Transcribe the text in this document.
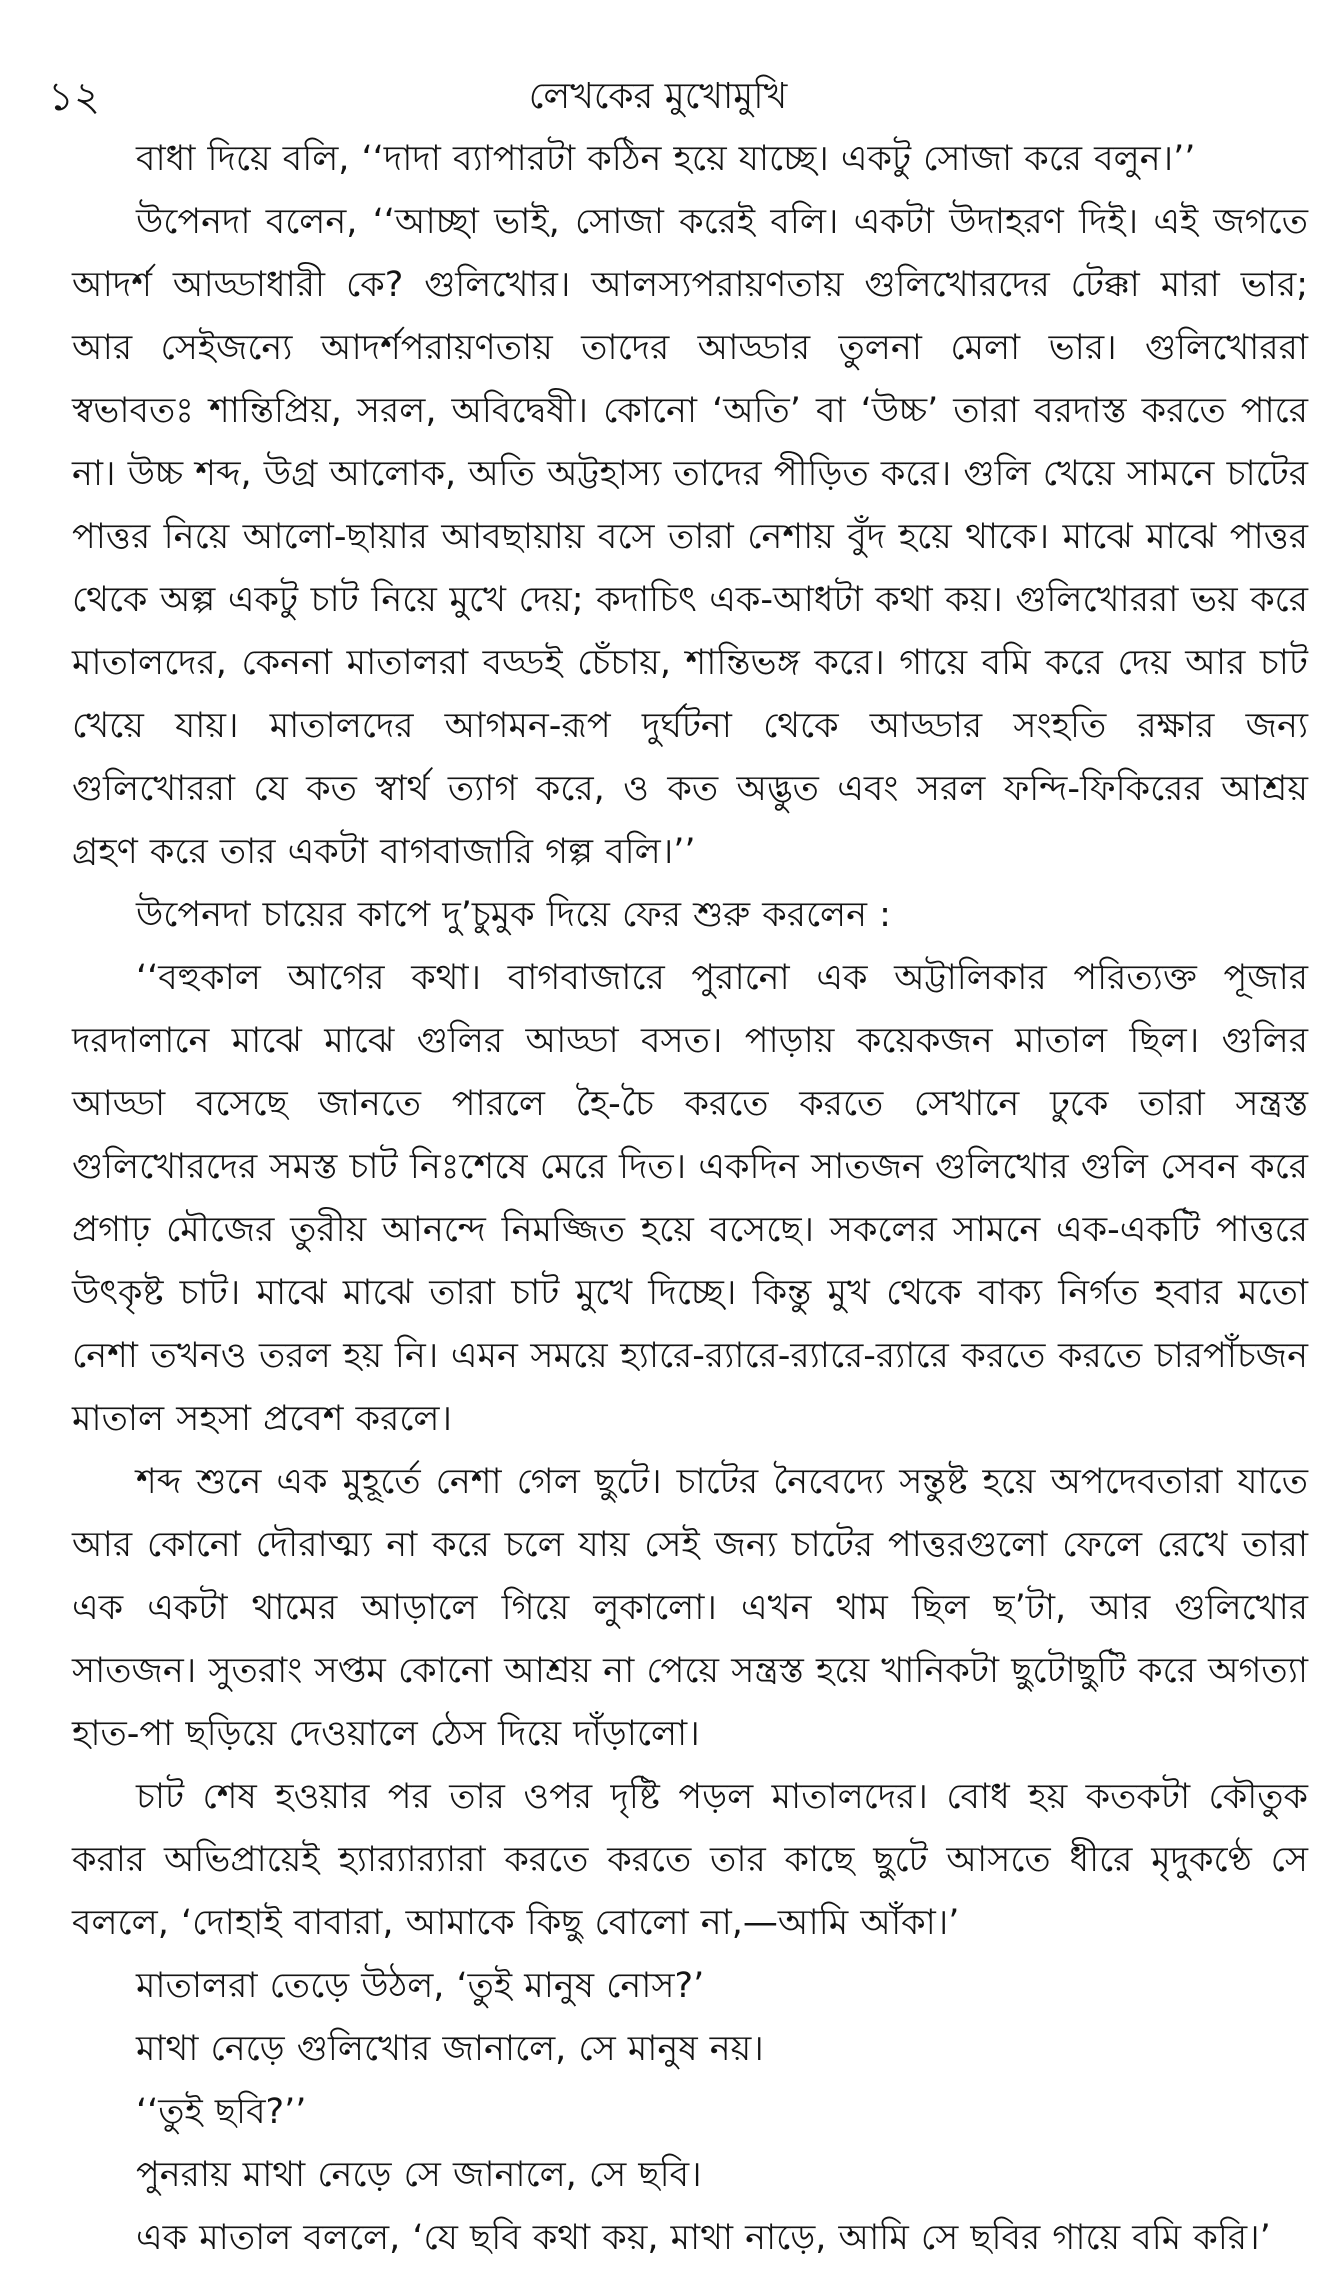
১২	লেখকের মুখোমুখি

বাধা দিয়ে বলি, ‘‘দাদা ব্যাপারটা কঠিন হয়ে যাচ্ছে। একটু সোজা করে বলুন।’’

উপেনদা বলেন, ‘‘আচ্ছা ভাই, সোজা করেই বলি। একটা উদাহরণ দিই। এই জগতে আদর্শ আড্ডাধারী কে? গুলিখোর। আলস্যপরায়ণতায় গুলিখোরদের টেক্কা মারা ভার; আর সেইজন্যে আদর্শপরায়ণতায় তাদের আড্ডার তুলনা মেলা ভার। গুলিখোররা স্বভাবতঃ শান্তিপ্রিয়, সরল, অবিদ্বেষী। কোনো ‘অতি’ বা ‘উচ্চ’ তারা বরদাস্ত করতে পারে না। উচ্চ শব্দ, উগ্র আলোক, অতি অট্টহাস্য তাদের পীড়িত করে। গুলি খেয়ে সামনে চাটের পাত্তর নিয়ে আলো-ছায়ার আবছায়ায় বসে তারা নেশায় বুঁদ হয়ে থাকে। মাঝে মাঝে পাত্তর থেকে অল্প একটু চাট নিয়ে মুখে দেয়; কদাচিৎ এক-আধটা কথা কয়। গুলিখোররা ভয় করে মাতালদের, কেননা মাতালরা বড্ডই চেঁচায়, শান্তিভঙ্গ করে। গায়ে বমি করে দেয় আর চাট খেয়ে যায়। মাতালদের আগমন-রূপ দুর্ঘটনা থেকে আড্ডার সংহতি রক্ষার জন্য গুলিখোররা যে কত স্বার্থ ত্যাগ করে, ও কত অদ্ভুত এবং সরল ফন্দি-ফিকিরের আশ্রয় গ্রহণ করে তার একটা বাগবাজারি গল্প বলি।’’

উপেনদা চায়ের কাপে দু’চুমুক দিয়ে ফের শুরু করলেন :

‘‘বহুকাল আগের কথা। বাগবাজারে পুরানো এক অট্টালিকার পরিত্যক্ত পূজার দরদালানে মাঝে মাঝে গুলির আড্ডা বসত। পাড়ায় কয়েকজন মাতাল ছিল। গুলির আড্ডা বসেছে জানতে পারলে হৈ-চৈ করতে করতে সেখানে ঢুকে তারা সন্ত্রস্ত গুলিখোরদের সমস্ত চাট নিঃশেষে মেরে দিত। একদিন সাতজন গুলিখোর গুলি সেবন করে প্রগাঢ় মৌজের তুরীয় আনন্দে নিমজ্জিত হয়ে বসেছে। সকলের সামনে এক-একটি পাত্তরে উৎকৃষ্ট চাট। মাঝে মাঝে তারা চাট মুখে দিচ্ছে। কিন্তু মুখ থেকে বাক্য নির্গত হবার মতো নেশা তখনও তরল হয় নি। এমন সময়ে হ্যারে-র‍্যারে-র‍্যারে-র‍্যারে করতে করতে চারপাঁচজন মাতাল সহসা প্রবেশ করলে।

শব্দ শুনে এক মুহূর্তে নেশা গেল ছুটে। চাটের নৈবেদ্যে সন্তুষ্ট হয়ে অপদেবতারা যাতে আর কোনো দৌরাত্ম্য না করে চলে যায় সেই জন্য চাটের পাত্তরগুলো ফেলে রেখে তারা এক একটা থামের আড়ালে গিয়ে লুকালো। এখন থাম ছিল ছ’টা, আর গুলিখোর সাতজন। সুতরাং সপ্তম কোনো আশ্রয় না পেয়ে সন্ত্রস্ত হয়ে খানিকটা ছুটোছুটি করে অগত্যা হাত-পা ছড়িয়ে দেওয়ালে ঠেস দিয়ে দাঁড়ালো।

চাট শেষ হওয়ার পর তার ওপর দৃষ্টি পড়ল মাতালদের। বোধ হয় কতকটা কৌতুক করার অভিপ্রায়েই হ্যার‍্যার‍্যারা করতে করতে তার কাছে ছুটে আসতে ধীরে মৃদুকণ্ঠে সে বললে, ‘দোহাই বাবারা, আমাকে কিছু বোলো না,—আমি আঁকা।’

মাতালরা তেড়ে উঠল, ‘তুই মানুষ নোস?’

মাথা নেড়ে গুলিখোর জানালে, সে মানুষ নয়।

‘‘তুই ছবি?’’

পুনরায় মাথা নেড়ে সে জানালে, সে ছবি।

এক মাতাল বললে, ‘যে ছবি কথা কয়, মাথা নাড়ে, আমি সে ছবির গায়ে বমি করি।’
